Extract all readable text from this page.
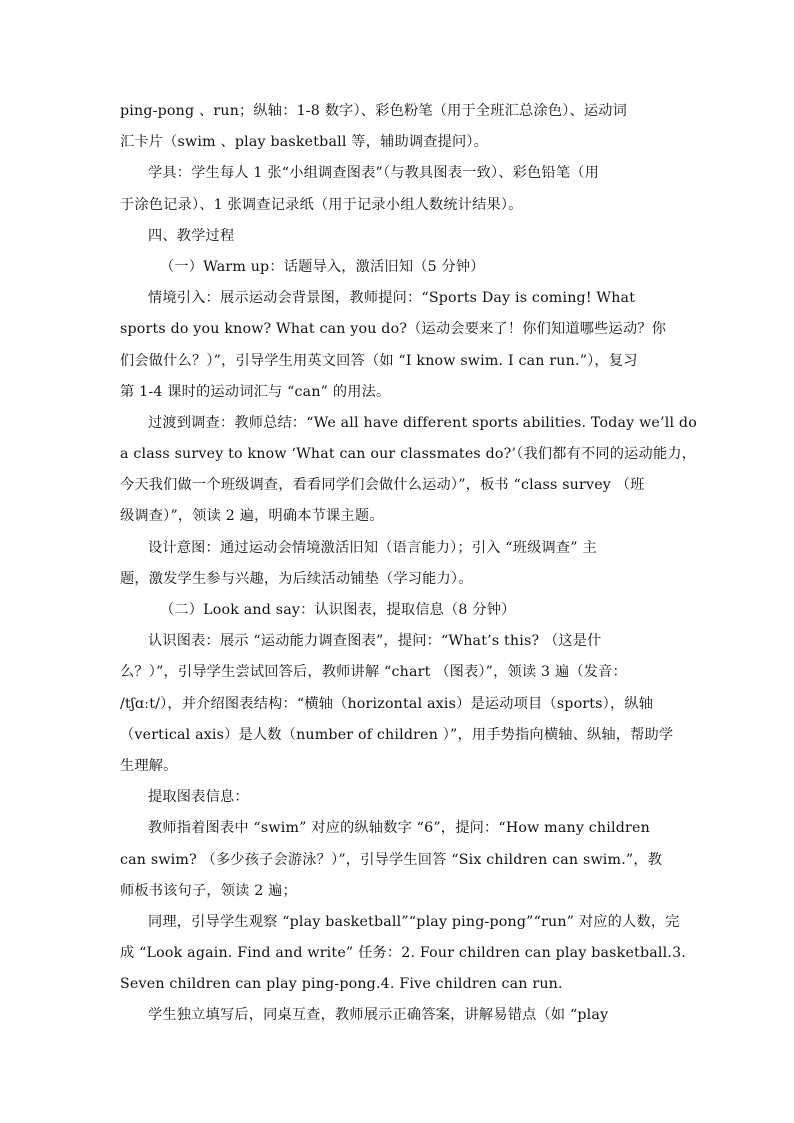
ping-pong 、run；纵轴：1-8 数字）、彩色粉笔（用于全班汇总涂色）、运动词
汇卡片（swim 、play basketball 等，辅助调查提问）。
学具：学生每人 1 张“小组调查图表”（与教具图表一致）、彩色铅笔（用
于涂色记录）、1 张调查记录纸（用于记录小组人数统计结果）。
四、教学过程
（一）Warm up：话题导入，激活旧知（5 分钟）
情境引入：展示运动会背景图，教师提问：“Sports Day is coming! What
sports do you know? What can you do?（运动会要来了！你们知道哪些运动？你
们会做什么？）”，引导学生用英文回答（如 “I know swim. I can run.”），复习
第 1-4 课时的运动词汇与 “can” 的用法。
过渡到调查：教师总结：“We all have different sports abilities. Today we’ll do
a class survey to know ‘What can our classmates do?’（我们都有不同的运动能力，
今天我们做一个班级调查，看看同学们会做什么运动）”，板书 “class survey （班
级调查）”，领读 2 遍，明确本节课主题。
设计意图：通过运动会情境激活旧知（语言能力）；引入 “班级调查” 主
题，激发学生参与兴趣，为后续活动铺垫（学习能力）。
（二）Look and say：认识图表，提取信息（8 分钟）
认识图表：展示 “运动能力调查图表”，提问：“What’s this? （这是什
么？）”，引导学生尝试回答后，教师讲解 “chart （图表）”，领读 3 遍（发音：
/tʃɑːt/），并介绍图表结构：“横轴（horizontal axis）是运动项目（sports），纵轴
（vertical axis）是人数（number of children ）”，用手势指向横轴、纵轴，帮助学
生理解。
提取图表信息：
教师指着图表中 “swim” 对应的纵轴数字 “6”，提问：“How many children
can swim? （多少孩子会游泳？）”，引导学生回答 “Six children can swim.”，教
师板书该句子，领读 2 遍；
同理，引导学生观察 “play basketball”“play ping-pong”“run” 对应的人数，完
成 “Look again. Find and write” 任务：2. Four children can play basketball.3.
Seven children can play ping-pong.4. Five children can run.
学生独立填写后，同桌互查，教师展示正确答案，讲解易错点（如 “play
